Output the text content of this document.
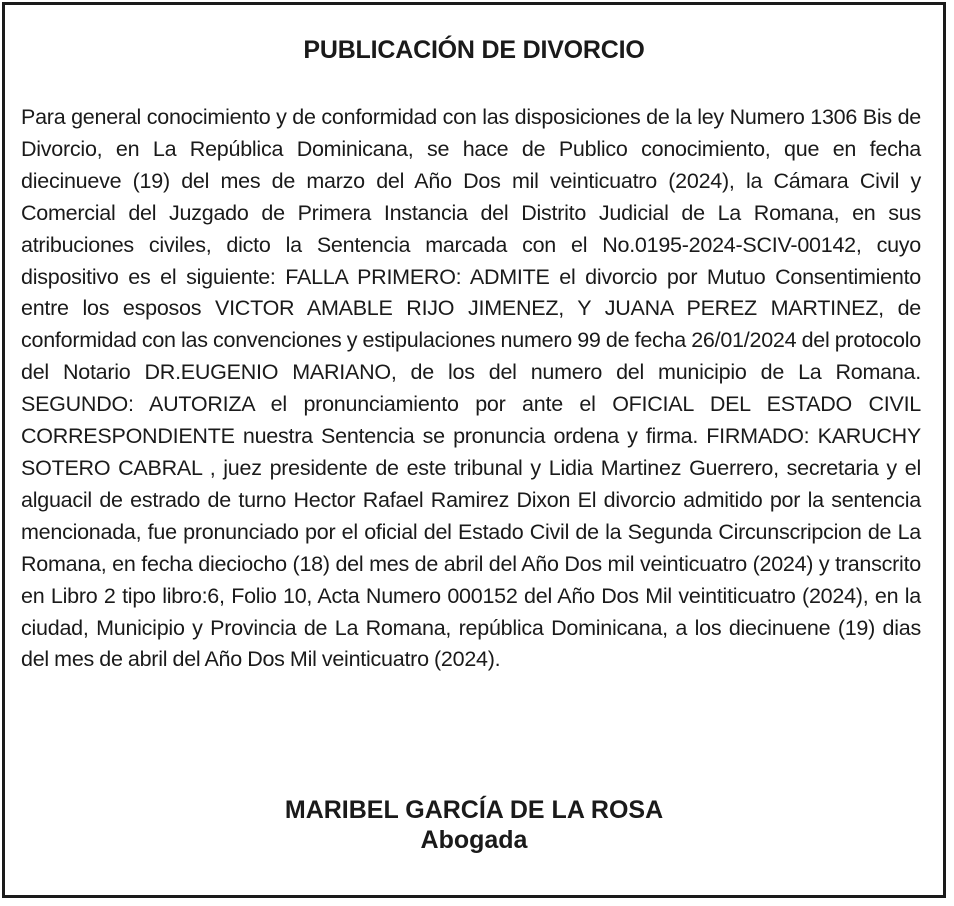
PUBLICACIÓN DE DIVORCIO

Para general conocimiento y de conformidad con las disposiciones de la ley Numero 1306 Bis de Divorcio, en La República Dominicana, se hace de Publico conocimiento, que en fecha diecinueve (19) del mes de marzo del Año Dos mil veinticuatro (2024), la Cámara Civil y Comercial del Juzgado de Primera Instancia del Distrito Judicial de La Romana, en sus atribuciones civiles, dicto la Sentencia marcada con el No.0195-2024-SCIV-00142, cuyo dispositivo es el siguiente: FALLA PRIMERO: ADMITE el divorcio por Mutuo Consentimiento entre los esposos VICTOR AMABLE RIJO JIMENEZ, Y JUANA PEREZ MARTINEZ, de conformidad con las convenciones y estipulaciones numero 99 de fecha 26/01/2024 del protocolo del Notario DR.EUGENIO MARIANO, de los del numero del municipio de La Romana. SEGUNDO: AUTORIZA el pronunciamiento por ante el OFICIAL DEL ESTADO CIVIL CORRESPONDIENTE nuestra Sentencia se pronuncia ordena y firma. FIRMADO: KARUCHY SOTERO CABRAL , juez presidente de este tribunal y Lidia Martinez Guerrero, secretaria y el alguacil de estrado de turno Hector Rafael Ramirez Dixon El divorcio admitido por la sentencia mencionada, fue pronunciado por el oficial del Estado Civil de la Segunda Circunscripcion de La Romana, en fecha dieciocho (18) del mes de abril del Año Dos mil veinticuatro (2024) y transcrito en Libro 2 tipo libro:6, Folio 10, Acta Numero 000152 del Año Dos Mil veintiticuatro (2024), en la ciudad, Municipio y Provincia de La Romana, república Dominicana, a los diecinuene (19) dias del mes de abril del Año Dos Mil veinticuatro (2024).

MARIBEL GARCÍA DE LA ROSA
Abogada
